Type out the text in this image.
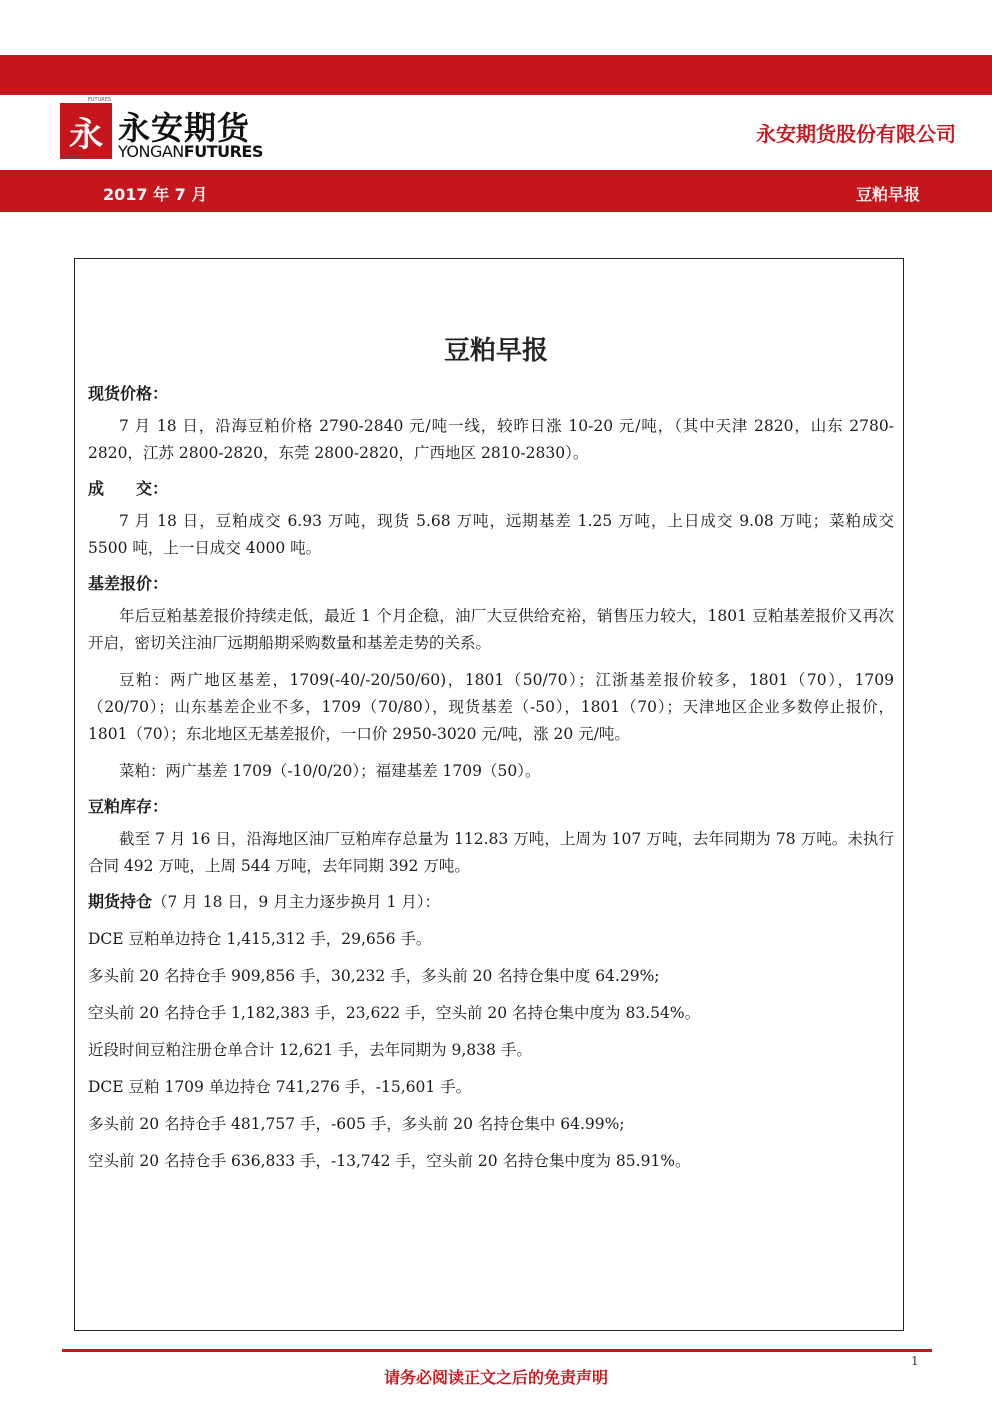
永
FUTURES
YONGAN
永安期货
YONGANFUTURES
永安期货股份有限公司
2017 年 7 月	豆粕早报
豆粕早报

现货价格：

7 月 18 日，沿海豆粕价格 2790-2840 元/吨一线，较昨日涨 10-20 元/吨，（其中天津 2820，山东 2780-2820，江苏 2800-2820，东莞 2800-2820，广西地区 2810-2830）。

成　　交：

7 月 18 日，豆粕成交 6.93 万吨，现货 5.68 万吨，远期基差 1.25 万吨，上日成交 9.08 万吨；菜粕成交 5500 吨，上一日成交 4000 吨。

基差报价：

年后豆粕基差报价持续走低，最近 1 个月企稳，油厂大豆供给充裕，销售压力较大，1801 豆粕基差报价又再次开启，密切关注油厂远期船期采购数量和基差走势的关系。

豆粕：两广地区基差，1709(-40/-20/50/60)，1801（50/70）；江浙基差报价较多，1801（70），1709（20/70）；山东基差企业不多，1709（70/80），现货基差（-50），1801（70）；天津地区企业多数停止报价，1801（70）；东北地区无基差报价，一口价 2950-3020 元/吨，涨 20 元/吨。

菜粕：两广基差 1709（-10/0/20）；福建基差 1709（50）。

豆粕库存：

截至 7 月 16 日，沿海地区油厂豆粕库存总量为 112.83 万吨，上周为 107 万吨，去年同期为 78 万吨。未执行合同 492 万吨，上周 544 万吨，去年同期 392 万吨。

期货持仓（7 月 18 日，9 月主力逐步换月 1 月）：

DCE 豆粕单边持仓 1,415,312 手，29,656 手。

多头前 20 名持仓手 909,856 手，30,232 手，多头前 20 名持仓集中度 64.29%;

空头前 20 名持仓手 1,182,383 手，23,622 手，空头前 20 名持仓集中度为 83.54%。

近段时间豆粕注册仓单合计 12,621 手，去年同期为 9,838 手。

DCE 豆粕 1709 单边持仓 741,276 手，-15,601 手。

多头前 20 名持仓手 481,757 手，-605 手，多头前 20 名持仓集中 64.99%;

空头前 20 名持仓手 636,833 手，-13,742 手，空头前 20 名持仓集中度为 85.91%。

1
请务必阅读正文之后的免责声明
